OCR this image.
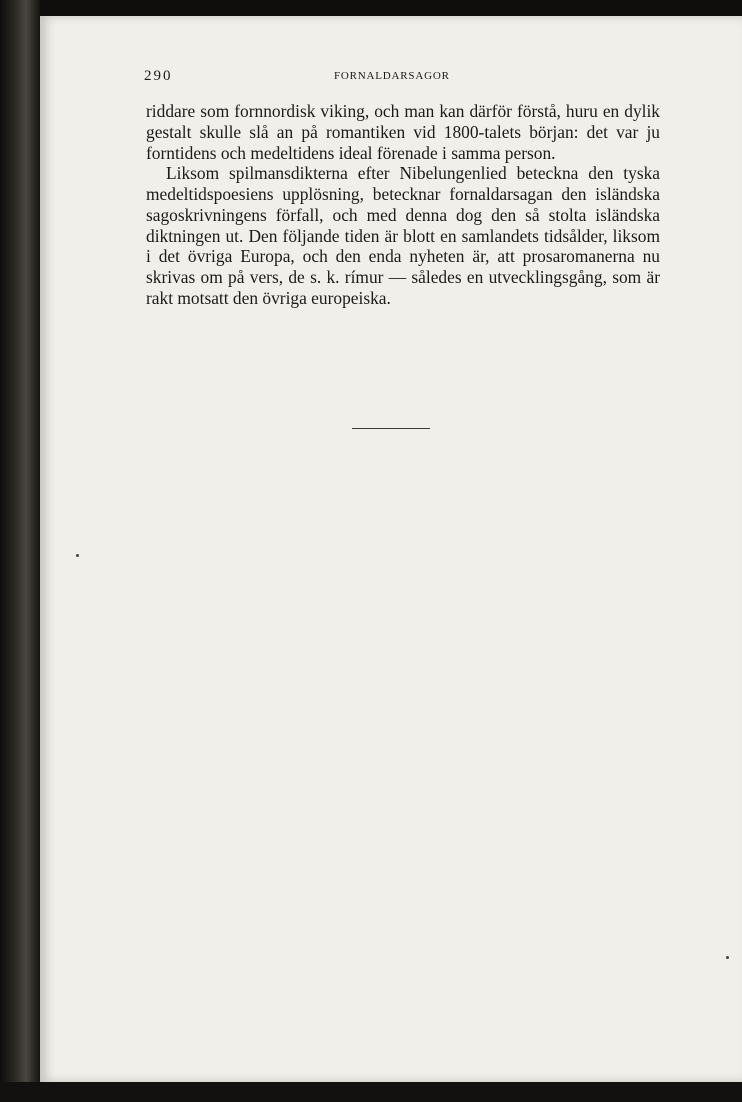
290	FORNALDARSAGOR

riddare som fornnordisk viking, och man kan därför förstå, huru en dylik gestalt skulle slå an på romantiken vid 1800-talets början: det var ju forntidens och medeltidens ideal förenade i samma person.

Liksom spilmansdikterna efter Nibelungenlied beteckna den tyska medeltidspoesiens upplösning, betecknar fornaldarsagan den isländska sagoskrivningens förfall, och med denna dog den så stolta isländska diktningen ut. Den följande tiden är blott en samlandets tidsålder, liksom i det övriga Europa, och den enda nyheten är, att prosaromanerna nu skrivas om på vers, de s. k. rímur — således en utvecklingsgång, som är rakt motsatt den övriga europeiska.
